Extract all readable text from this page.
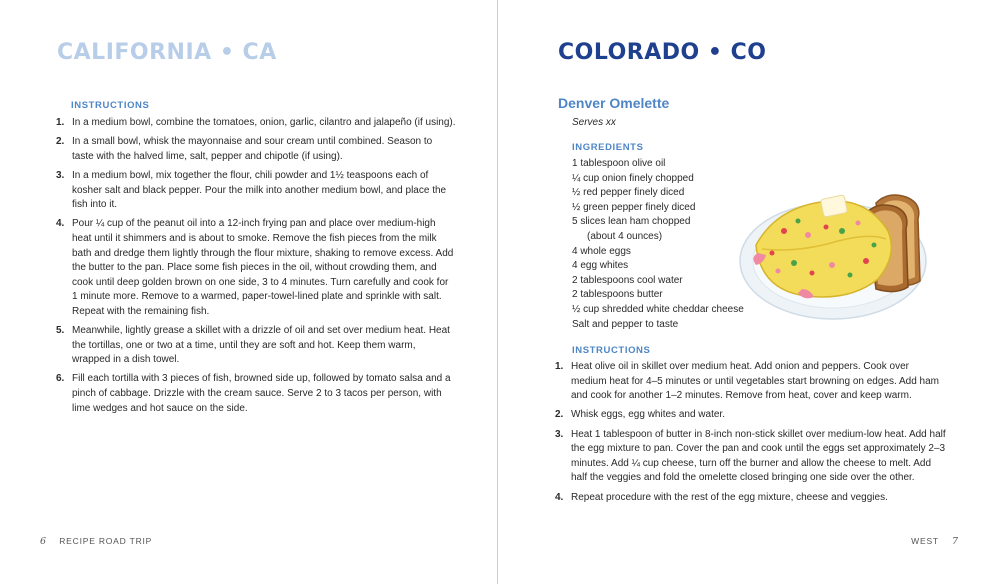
CALIFORNIA • CA
INSTRUCTIONS
1. In a medium bowl, combine the tomatoes, onion, garlic, cilantro and jalapeño (if using).
2. In a small bowl, whisk the mayonnaise and sour cream until combined. Season to taste with the halved lime, salt, pepper and chipotle (if using).
3. In a medium bowl, mix together the flour, chili powder and 1½ teaspoons each of kosher salt and black pepper. Pour the milk into another medium bowl, and place the fish into it.
4. Pour ¼ cup of the peanut oil into a 12-inch frying pan and place over medium-high heat until it shimmers and is about to smoke. Remove the fish pieces from the milk bath and dredge them lightly through the flour mixture, shaking to remove excess. Add the butter to the pan. Place some fish pieces in the oil, without crowding them, and cook until deep golden brown on one side, 3 to 4 minutes. Turn carefully and cook for 1 minute more. Remove to a warmed, paper-towel-lined plate and sprinkle with salt. Repeat with the remaining fish.
5. Meanwhile, lightly grease a skillet with a drizzle of oil and set over medium heat. Heat the tortillas, one or two at a time, until they are soft and hot. Keep them warm, wrapped in a dish towel.
6. Fill each tortilla with 3 pieces of fish, browned side up, followed by tomato salsa and a pinch of cabbage. Drizzle with the cream sauce. Serve 2 to 3 tacos per person, with lime wedges and hot sauce on the side.
6 RECIPE ROAD TRIP
COLORADO • CO
Denver Omelette
Serves xx
INGREDIENTS
1 tablespoon olive oil
¼ cup onion finely chopped
½ red pepper finely diced
½ green pepper finely diced
5 slices lean ham chopped
(about 4 ounces)
4 whole eggs
4 egg whites
2 tablespoons cool water
2 tablespoons butter
½ cup shredded white cheddar cheese
Salt and pepper to taste
INSTRUCTIONS
1. Heat olive oil in skillet over medium heat. Add onion and peppers. Cook over medium heat for 4–5 minutes or until vegetables start browning on edges. Add ham and cook for another 1–2 minutes. Remove from heat, cover and keep warm.
2. Whisk eggs, egg whites and water.
3. Heat 1 tablespoon of butter in 8-inch non-stick skillet over medium-low heat. Add half the egg mixture to pan. Cover the pan and cook until the eggs set approximately 2–3 minutes. Add ¼ cup cheese, turn off the burner and allow the cheese to melt. Add half the veggies and fold the omelette closed bringing one side over the other.
4. Repeat procedure with the rest of the egg mixture, cheese and veggies.
WEST 7
